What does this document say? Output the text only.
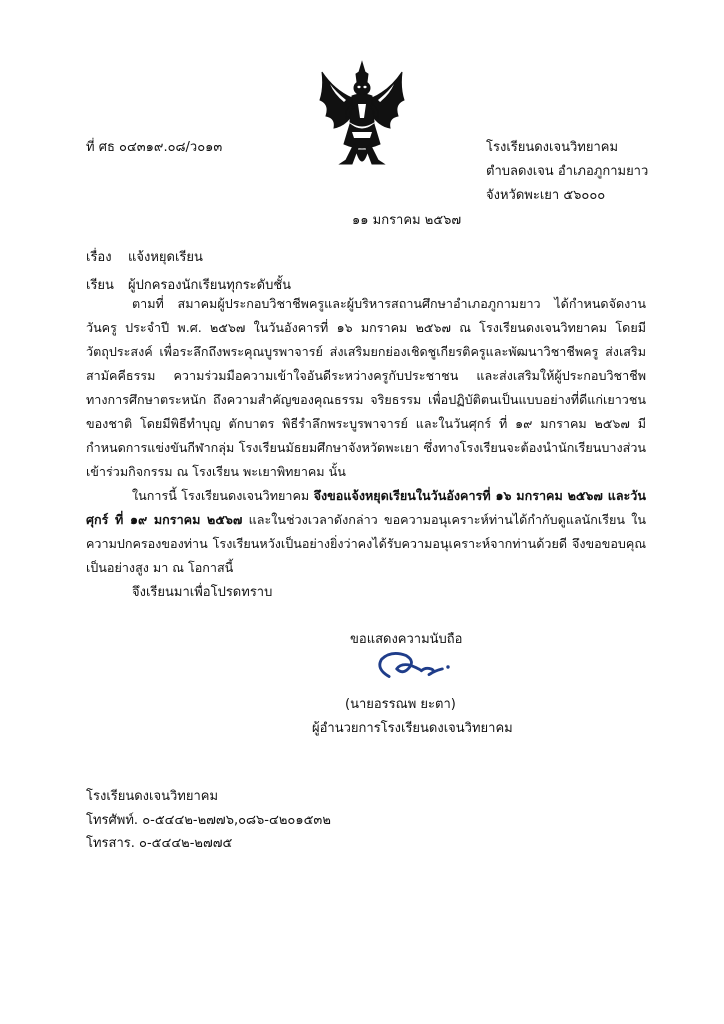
ที่ ศธ ๐๔๓๑๙.๐๘/ว๐๑๓	โรงเรียนดงเจนวิทยาคม
ตำบลดงเจน อำเภอภูกามยาว
จังหวัดพะเยา ๕๖๐๐๐
๑๑ มกราคม ๒๕๖๗
เรื่อง แจ้งหยุดเรียน
เรียน ผู้ปกครองนักเรียนทุกระดับชั้น

ตามที่ สมาคมผู้ประกอบวิชาชีพครูและผู้บริหารสถานศึกษาอำเภอภูกามยาว ได้กำหนดจัดงานวันครู ประจำปี พ.ศ. ๒๕๖๗ ในวันอังคารที่ ๑๖ มกราคม ๒๕๖๗ ณ โรงเรียนดงเจนวิทยาคม โดยมีวัตถุประสงค์ เพื่อระลึกถึงพระคุณบูรพาจารย์ ส่งเสริมยกย่องเชิดชูเกียรติครูและพัฒนาวิชาชีพครู ส่งเสริมสามัคคีธรรม ความร่วมมือความเข้าใจอันดีระหว่างครูกับประชาชน และส่งเสริมให้ผู้ประกอบวิชาชีพทางการศึกษาตระหนัก ถึงความสำคัญของคุณธรรม จริยธรรม เพื่อปฏิบัติตนเป็นแบบอย่างที่ดีแก่เยาวชนของชาติ โดยมีพิธีทำบุญ ตักบาตร พิธีรำลึกพระบูรพาจารย์ และในวันศุกร์ ที่ ๑๙ มกราคม ๒๕๖๗ มีกำหนดการแข่งขันกีฬากลุ่ม โรงเรียนมัธยมศึกษาจังหวัดพะเยา ซึ่งทางโรงเรียนจะต้องนำนักเรียนบางส่วนเข้าร่วมกิจกรรม ณ โรงเรียน พะเยาพิทยาคม นั้น

ในการนี้ โรงเรียนดงเจนวิทยาคม จึงขอแจ้งหยุดเรียนในวันอังคารที่ ๑๖ มกราคม ๒๕๖๗ และวันศุกร์ ที่ ๑๙ มกราคม ๒๕๖๗ และในช่วงเวลาดังกล่าว ขอความอนุเคราะห์ท่านได้กำกับดูแลนักเรียน ในความปกครองของท่าน โรงเรียนหวังเป็นอย่างยิ่งว่าคงได้รับความอนุเคราะห์จากท่านด้วยดี จึงขอขอบคุณ เป็นอย่างสูง มา ณ โอกาสนี้

จึงเรียนมาเพื่อโปรดทราบ
ขอแสดงความนับถือ
(นายอรรณพ ยะตา)
ผู้อำนวยการโรงเรียนดงเจนวิทยาคม
โรงเรียนดงเจนวิทยาคม
โทรศัพท์. ๐-๕๔๔๒-๒๗๗๖,๐๘๖-๔๒๐๑๕๓๒
โทรสาร. ๐-๕๔๔๒-๒๗๗๕
